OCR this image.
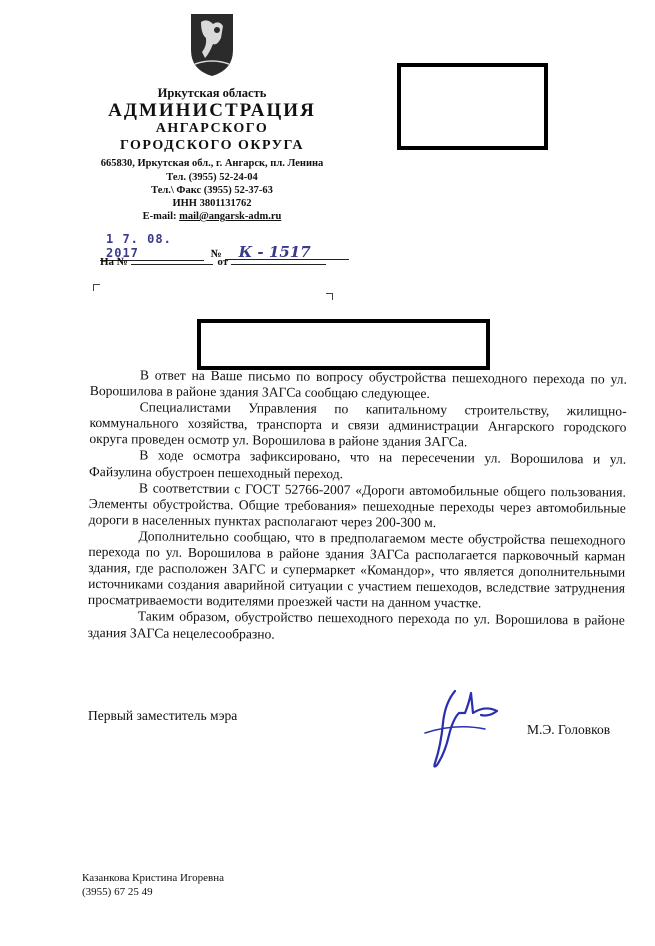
Иркутская область
АДМИНИСТРАЦИЯ
АНГАРСКОГО
ГОРОДСКОГО ОКРУГА
665830, Иркутская обл., г. Ангарск, пл. Ленина
Тел. (3955) 52-24-04
Тел.\ Факс (3955) 52-37-63
ИНН 3801131762
E-mail: mail@angarsk-adm.ru
1 7. 08. 2017	№ К - 1517
На №	от

В ответ на Ваше письмо по вопросу обустройства пешеходного перехода по ул. Ворошилова в районе здания ЗАГСа сообщаю следующее.

Специалистами Управления по капитальному строительству, жилищно-коммунального хозяйства, транспорта и связи администрации Ангарского городского округа проведен осмотр ул. Ворошилова в районе здания ЗАГСа.

В ходе осмотра зафиксировано, что на пересечении ул. Ворошилова и ул. Файзулина обустроен пешеходный переход.

В соответствии с ГОСТ 52766-2007 «Дороги автомобильные общего пользования. Элементы обустройства. Общие требования» пешеходные переходы через автомобильные дороги в населенных пунктах располагают через 200-300 м.

Дополнительно сообщаю, что в предполагаемом месте обустройства пешеходного перехода по ул. Ворошилова в районе здания ЗАГСа располагается парковочный карман здания, где расположен ЗАГС и супермаркет «Командор», что является дополнительными источниками создания аварийной ситуации с участием пешеходов, вследствие затруднения просматриваемости водителями проезжей части на данном участке.

Таким образом, обустройство пешеходного перехода по ул. Ворошилова в районе здания ЗАГСа нецелесообразно.

Первый заместитель мэра
М.Э. Головков
Казанкова Кристина Игоревна
(3955) 67 25 49
